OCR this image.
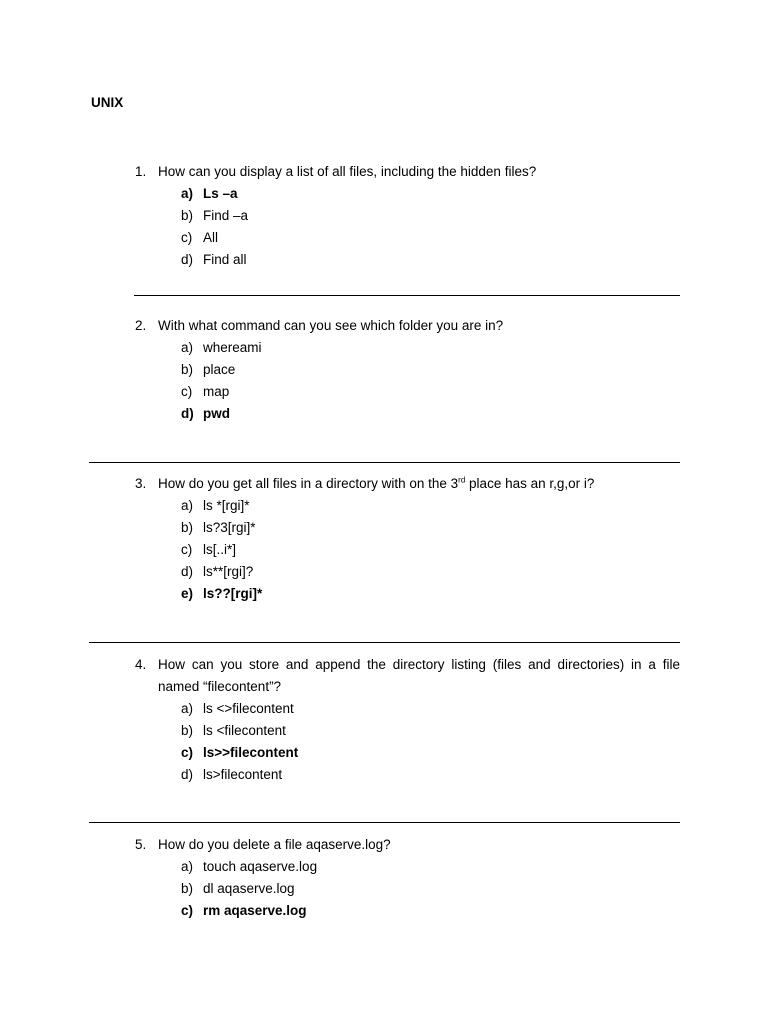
UNIX
1. How can you display a list of all files, including the hidden files?
a) Ls –a
b) Find –a
c) All
d) Find all
2. With what command can you see which folder you are in?
a) whereami
b) place
c) map
d) pwd
3. How do you get all files in a directory with on the 3rd place has an r,g,or i?
a) ls *[rgi]*
b) ls?3[rgi]*
c) ls[..i*]
d) ls**[rgi]?
e) ls??[rgi]*
4. How can you store and append the directory listing (files and directories) in a file
named “filecontent”?
a) ls <>filecontent
b) ls <filecontent
c) ls>>filecontent
d) ls>filecontent
5. How do you delete a file aqaserve.log?
a) touch aqaserve.log
b) dl aqaserve.log
c) rm aqaserve.log
